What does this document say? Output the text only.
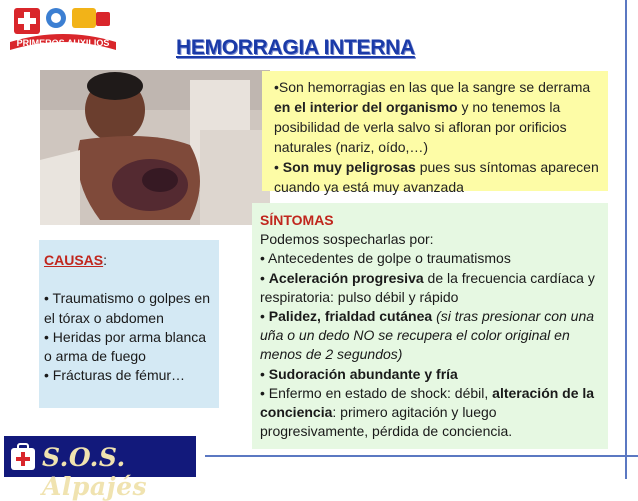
PRIMEROS AUXILIOS	HEMORRAGIA INTERNA

•Son hemorragias en las que la sangre se derrama en el interior del organismo y no tenemos la posibilidad de verla salvo si afloran por orificios naturales (nariz, oído,…)

• Son muy peligrosas pues sus síntomas aparecen cuando ya está muy avanzada

SÍNTOMAS

Podemos sospecharlas por:

• Antecedentes de golpe o traumatismos

• Aceleración progresiva de la frecuencia cardíaca y respiratoria: pulso débil y rápido

• Palidez, frialdad cutánea (si tras presionar con una uña o un dedo NO se recupera el color original en menos de 2 segundos)

• Sudoración abundante y fría

• Enfermo en estado de shock: débil, alteración de la conciencia: primero agitación y luego progresivamente, pérdida de conciencia.

CAUSAS:

• Traumatismo o golpes en el tórax o abdomen

• Heridas por arma blanca o arma de fuego

• Frácturas de fémur…

S.O.S. Alpajés
